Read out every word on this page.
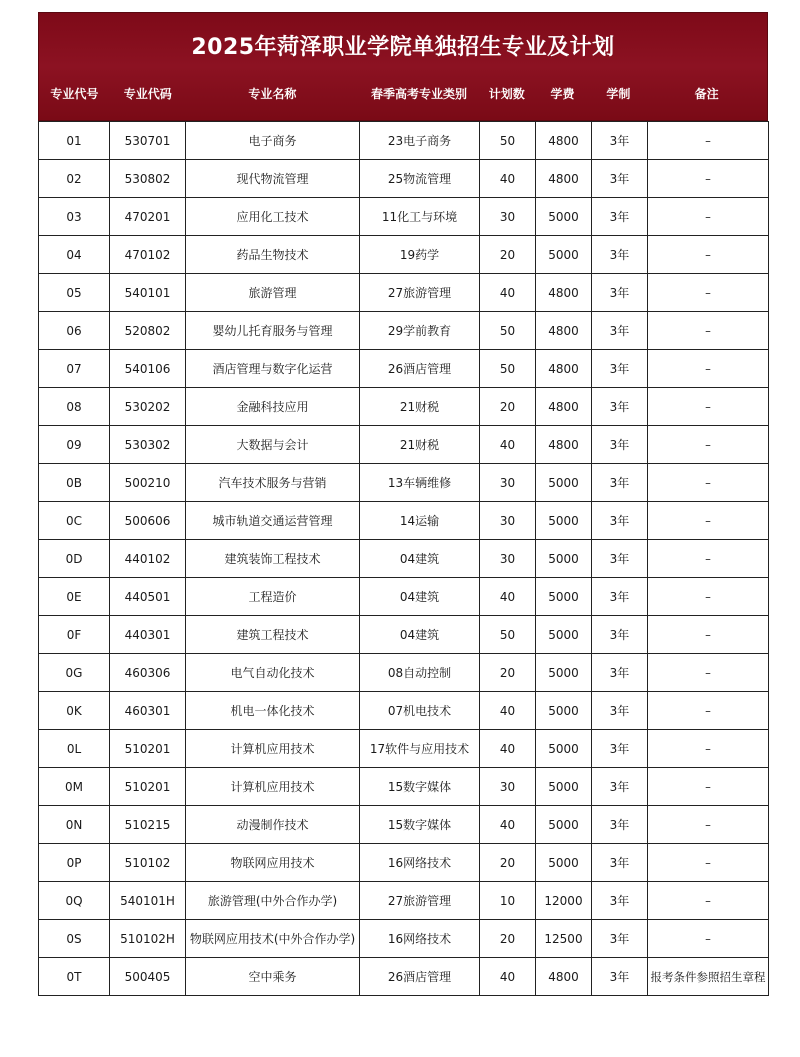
2025年菏泽职业学院单独招生专业及计划
专业代号	专业代码	专业名称	春季高考专业类别	计划数	学费	学制	备注
01	530701	电子商务	23电子商务	50	4800	3年	–
02	530802	现代物流管理	25物流管理	40	4800	3年	–
03	470201	应用化工技术	11化工与环境	30	5000	3年	–
04	470102	药品生物技术	19药学	20	5000	3年	–
05	540101	旅游管理	27旅游管理	40	4800	3年	–
06	520802	婴幼儿托育服务与管理	29学前教育	50	4800	3年	–
07	540106	酒店管理与数字化运营	26酒店管理	50	4800	3年	–
08	530202	金融科技应用	21财税	20	4800	3年	–
09	530302	大数据与会计	21财税	40	4800	3年	–
0B	500210	汽车技术服务与营销	13车辆维修	30	5000	3年	–
0C	500606	城市轨道交通运营管理	14运输	30	5000	3年	–
0D	440102	建筑装饰工程技术	04建筑	30	5000	3年	–
0E	440501	工程造价	04建筑	40	5000	3年	–
0F	440301	建筑工程技术	04建筑	50	5000	3年	–
0G	460306	电气自动化技术	08自动控制	20	5000	3年	–
0K	460301	机电一体化技术	07机电技术	40	5000	3年	–
0L	510201	计算机应用技术	17软件与应用技术	40	5000	3年	–
0M	510201	计算机应用技术	15数字媒体	30	5000	3年	–
0N	510215	动漫制作技术	15数字媒体	40	5000	3年	–
0P	510102	物联网应用技术	16网络技术	20	5000	3年	–
0Q	540101H	旅游管理(中外合作办学)	27旅游管理	10	12000	3年	–
0S	510102H	物联网应用技术(中外合作办学)	16网络技术	20	12500	3年	–
0T	500405	空中乘务	26酒店管理	40	4800	3年	报考条件参照招生章程
